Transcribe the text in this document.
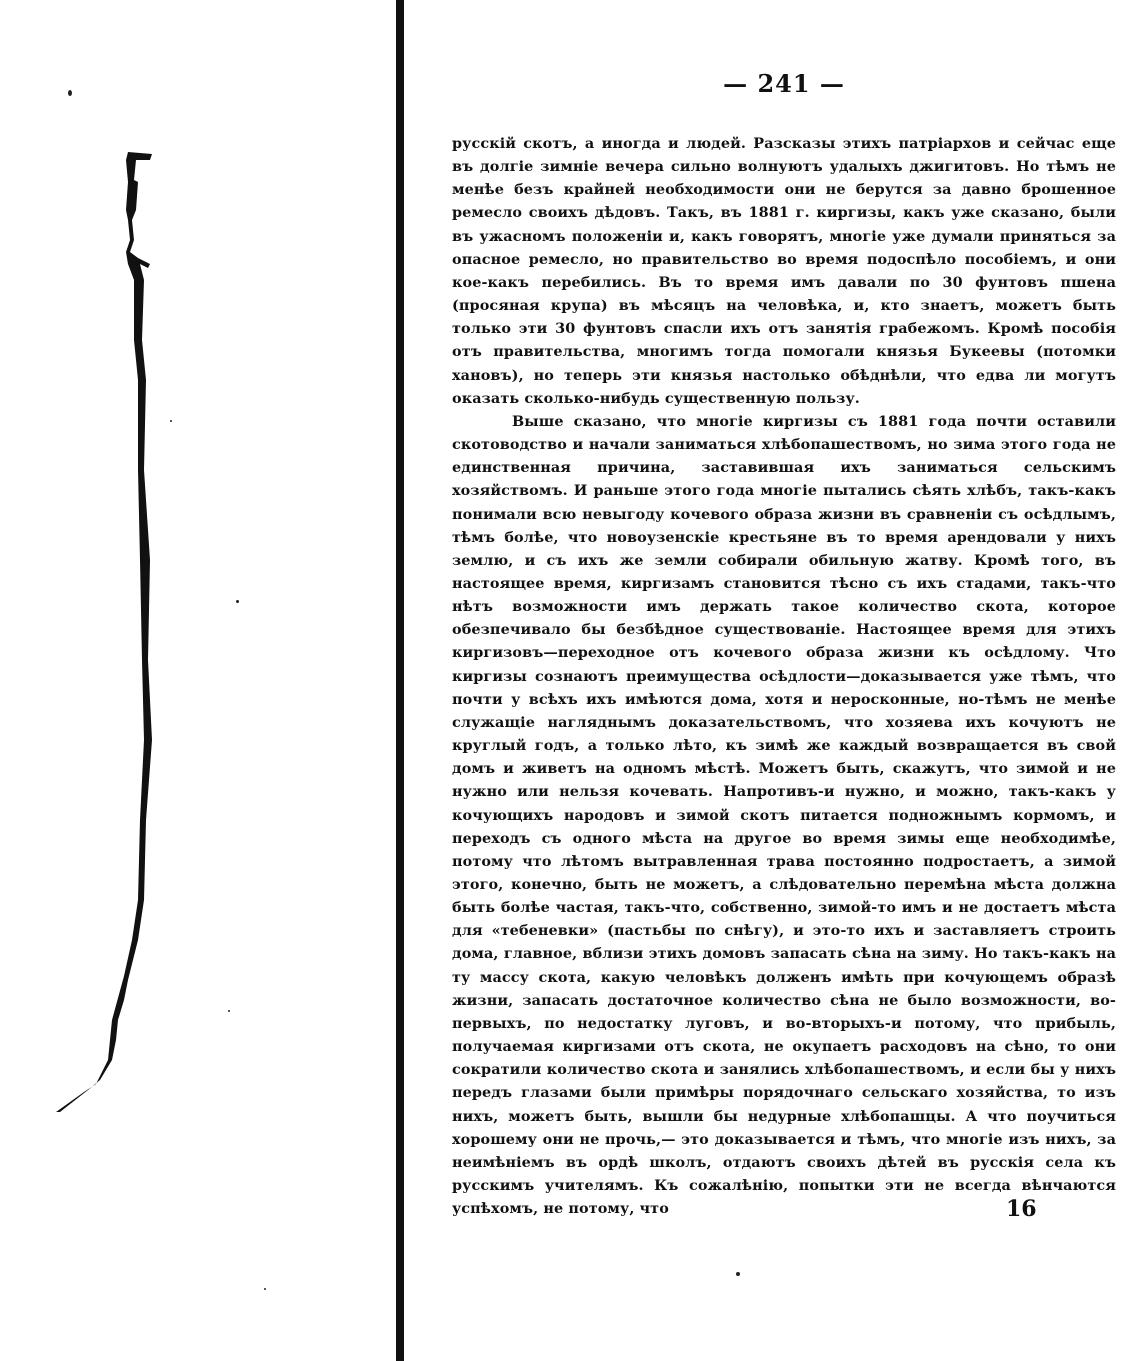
— 241 —

русскій скотъ, а иногда и людей. Разсказы этихъ патріархов и сейчас еще въ долгіе зимніе вечера сильно волнуютъ удалыхъ джигитовъ. Но тѣмъ не менѣе безъ крайней необходимости они не берутся за давно брошенное ремесло своихъ дѣдовъ. Такъ, въ 1881 г. киргизы, какъ уже сказано, были въ ужасномъ положеніи и, какъ говорятъ, многіе уже думали приняться за опасное ремесло, но правительство во время подоспѣло пособіемъ, и они кое-какъ перебились. Въ то время имъ давали по 30 фунтовъ пшена (просяная крупа) въ мѣсяцъ на человѣка, и, кто знаетъ, можетъ быть только эти 30 фунтовъ спасли ихъ отъ занятія грабежомъ. Кромѣ пособія отъ правительства, многимъ тогда помогали князья Букеевы (потомки хановъ), но теперь эти князья настолько обѣднѣли, что едва ли могутъ оказать сколько-нибудь существенную пользу.

Выше сказано, что многіе киргизы съ 1881 года почти оставили скотоводство и начали заниматься хлѣбопашествомъ, но зима этого года не единственная причина, заставившая ихъ заниматься сельскимъ хозяйствомъ. И раньше этого года многіе пытались сѣять хлѣбъ, такъ-какъ понимали всю невыгоду кочевого образа жизни въ сравненіи съ осѣдлымъ, тѣмъ болѣе, что новоузенскіе крестьяне въ то время арендовали у нихъ землю, и съ ихъ же земли собирали обильную жатву. Кромѣ того, въ настоящее время, киргизамъ становится тѣсно съ ихъ стадами, такъ-что нѣтъ возможности имъ держать такое количество скота, которое обезпечивало бы безбѣдное существованіе. Настоящее время для этихъ киргизовъ—переходное отъ кочевого образа жизни къ осѣдлому. Что киргизы сознаютъ преимущества осѣдлости—доказывается уже тѣмъ, что почти у всѣхъ ихъ имѣются дома, хотя и неросконные, но-тѣмъ не менѣе служащіе нагляднымъ доказательствомъ, что хозяева ихъ кочуютъ не круглый годъ, а только лѣто, къ зимѣ же каждый возвращается въ свой домъ и живетъ на одномъ мѣстѣ. Можетъ быть, скажутъ, что зимой и не нужно или нельзя кочевать. Напротивъ-и нужно, и можно, такъ-какъ у кочующихъ народовъ и зимой скотъ питается подножнымъ кормомъ, и переходъ съ одного мѣста на другое во время зимы еще необходимѣе, потому что лѣтомъ вытравленная трава постоянно подростаетъ, а зимой этого, конечно, быть не можетъ, а слѣдовательно перемѣна мѣста должна быть болѣе частая, такъ-что, собственно, зимой-то имъ и не достаетъ мѣста для «тебеневки» (пастьбы по снѣгу), и это-то ихъ и заставляетъ строить дома, главное, вблизи этихъ домовъ запасать сѣна на зиму. Но такъ-какъ на ту массу скота, какую человѣкъ долженъ имѣть при кочующемъ образѣ жизни, запасать достаточное количество сѣна не было возможности, во-первыхъ, по недостатку луговъ, и во-вторыхъ-и потому, что прибыль, получаемая киргизами отъ скота, не окупаетъ расходовъ на сѣно, то они сократили количество скота и занялись хлѣбопашествомъ, и если бы у нихъ передъ глазами были примѣры порядочнаго сельскаго хозяйства, то изъ нихъ, можетъ быть, вышли бы недурные хлѣбопашцы. А что поучиться хорошему они не прочь,— это доказывается и тѣмъ, что многіе изъ нихъ, за неимѣніемъ въ ордѣ школъ, отдаютъ своихъ дѣтей въ русскія села къ русскимъ учителямъ. Къ сожалѣнію, попытки эти не всегда вѣнчаются успѣхомъ, не потому, что	16
